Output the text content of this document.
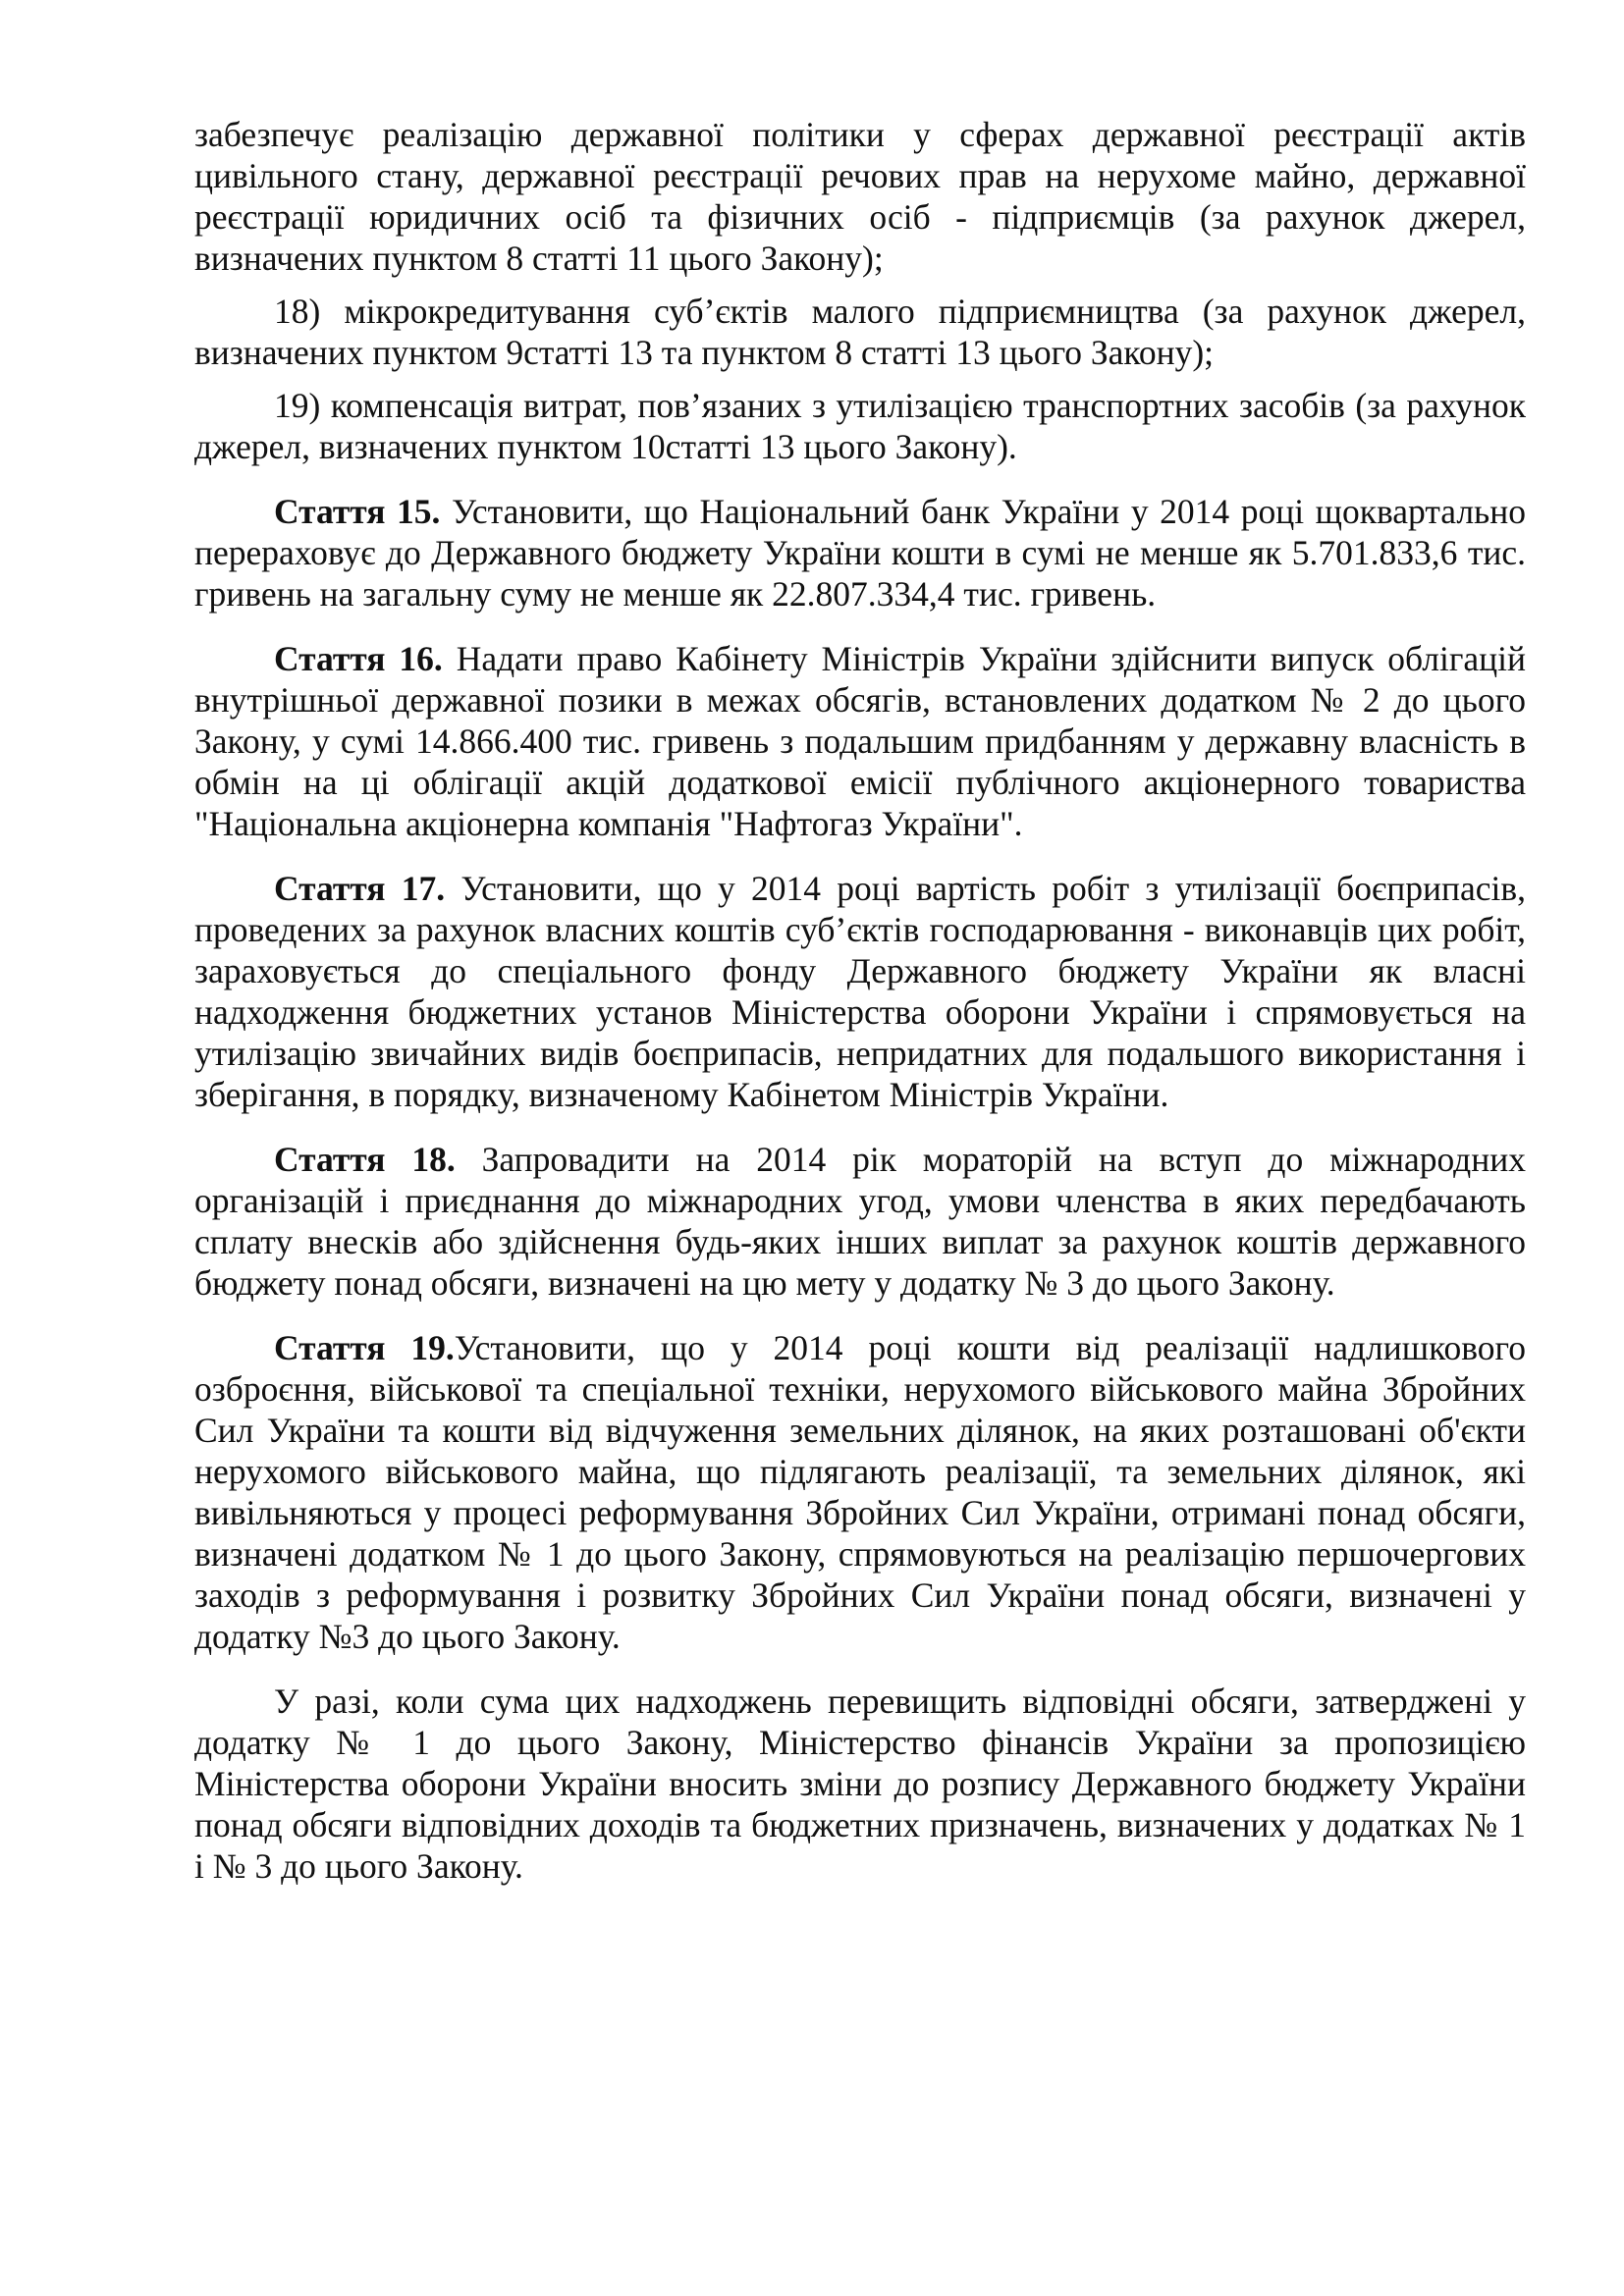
забезпечує реалізацію державної політики у сферах державної реєстрації актів цивільного стану, державної реєстрації речових прав на нерухоме майно, державної реєстрації юридичних осіб та фізичних осіб - підприємців (за рахунок джерел, визначених пунктом 8 статті 11 цього Закону);

18) мікрокредитування суб’єктів малого підприємництва (за рахунок джерел, визначених пунктом 9статті 13 та пунктом 8 статті 13 цього Закону);

19) компенсація витрат, пов’язаних з утилізацією транспортних засобів (за рахунок джерел, визначених пунктом 10статті 13 цього Закону).

Стаття 15. Установити, що Національний банк України у 2014 році щоквартально перераховує до Державного бюджету України кошти в сумі не менше як 5.701.833,6 тис. гривень на загальну суму не менше як 22.807.334,4 тис. гривень.

Стаття 16. Надати право Кабінету Міністрів України здійснити випуск облігацій внутрішньої державної позики в межах обсягів, встановлених додатком № 2 до цього Закону, у сумі 14.866.400 тис. гривень з подальшим придбанням у державну власність в обмін на ці облігації акцій додаткової емісії публічного акціонерного товариства "Національна акціонерна компанія "Нафтогаз України".

Стаття 17. Установити, що у 2014 році вартість робіт з утилізації боєприпасів, проведених за рахунок власних коштів суб’єктів господарювання - виконавців цих робіт, зараховується до спеціального фонду Державного бюджету України як власні надходження бюджетних установ Міністерства оборони України і спрямовується на утилізацію звичайних видів боєприпасів, непридатних для подальшого використання і зберігання, в порядку, визначеному Кабінетом Міністрів України.

Стаття 18. Запровадити на 2014 рік мораторій на вступ до міжнародних організацій і приєднання до міжнародних угод, умови членства в яких передбачають сплату внесків або здійснення будь-яких інших виплат за рахунок коштів державного бюджету понад обсяги, визначені на цю мету у додатку № 3 до цього Закону.

Стаття 19.Установити, що у 2014 році кошти від реалізації надлишкового озброєння, військової та спеціальної техніки, нерухомого військового майна Збройних Сил України та кошти від відчуження земельних ділянок, на яких розташовані об'єкти нерухомого військового майна, що підлягають реалізації, та земельних ділянок, які вивільняються у процесі реформування Збройних Сил України, отримані понад обсяги, визначені додатком № 1 до цього Закону, спрямовуються на реалізацію першочергових заходів з реформування і розвитку Збройних Сил України понад обсяги, визначені у додатку №3 до цього Закону.

У разі, коли сума цих надходжень перевищить відповідні обсяги, затверджені у додатку № 1 до цього Закону, Міністерство фінансів України за пропозицією Міністерства оборони України вносить зміни до розпису Державного бюджету України понад обсяги відповідних доходів та бюджетних призначень, визначених у додатках № 1 і № 3 до цього Закону.
